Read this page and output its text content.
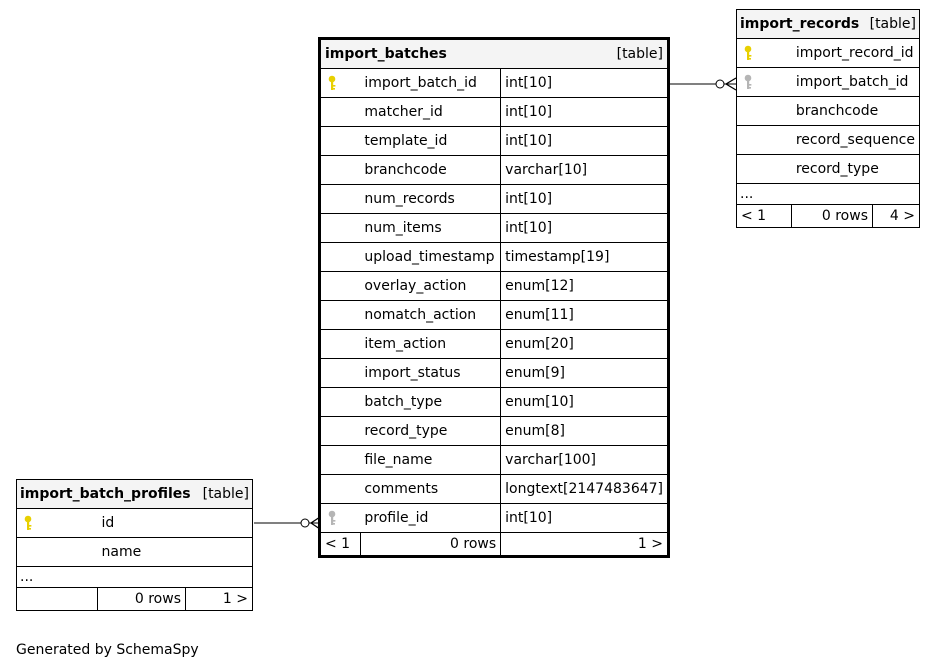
import_batches [table]		

	import_batch_id	int[10]
	matcher_id	int[10]
	template_id	int[10]
	branchcode	varchar[10]
	num_records	int[10]
	num_items	int[10]
	upload_timestamp	timestamp[19]
	overlay_action	enum[12]
	nomatch_action	enum[11]
	item_action	enum[20]
	import_status	enum[9]
	batch_type	enum[10]
	record_type	enum[8]
	file_name	varchar[100]
	comments	longtext[2147483647]
	profile_id	int[10]
< 1	0 rows	1 >
import_records [table]		

	import_record_id	
	import_batch_id	
	branchcode	
	record_sequence	
	record_type	
...		
< 1	0 rows	4 >
import_batch_profiles [table]		

	id	
	name	
...		
	0 rows	1 >
Generated by SchemaSpy
